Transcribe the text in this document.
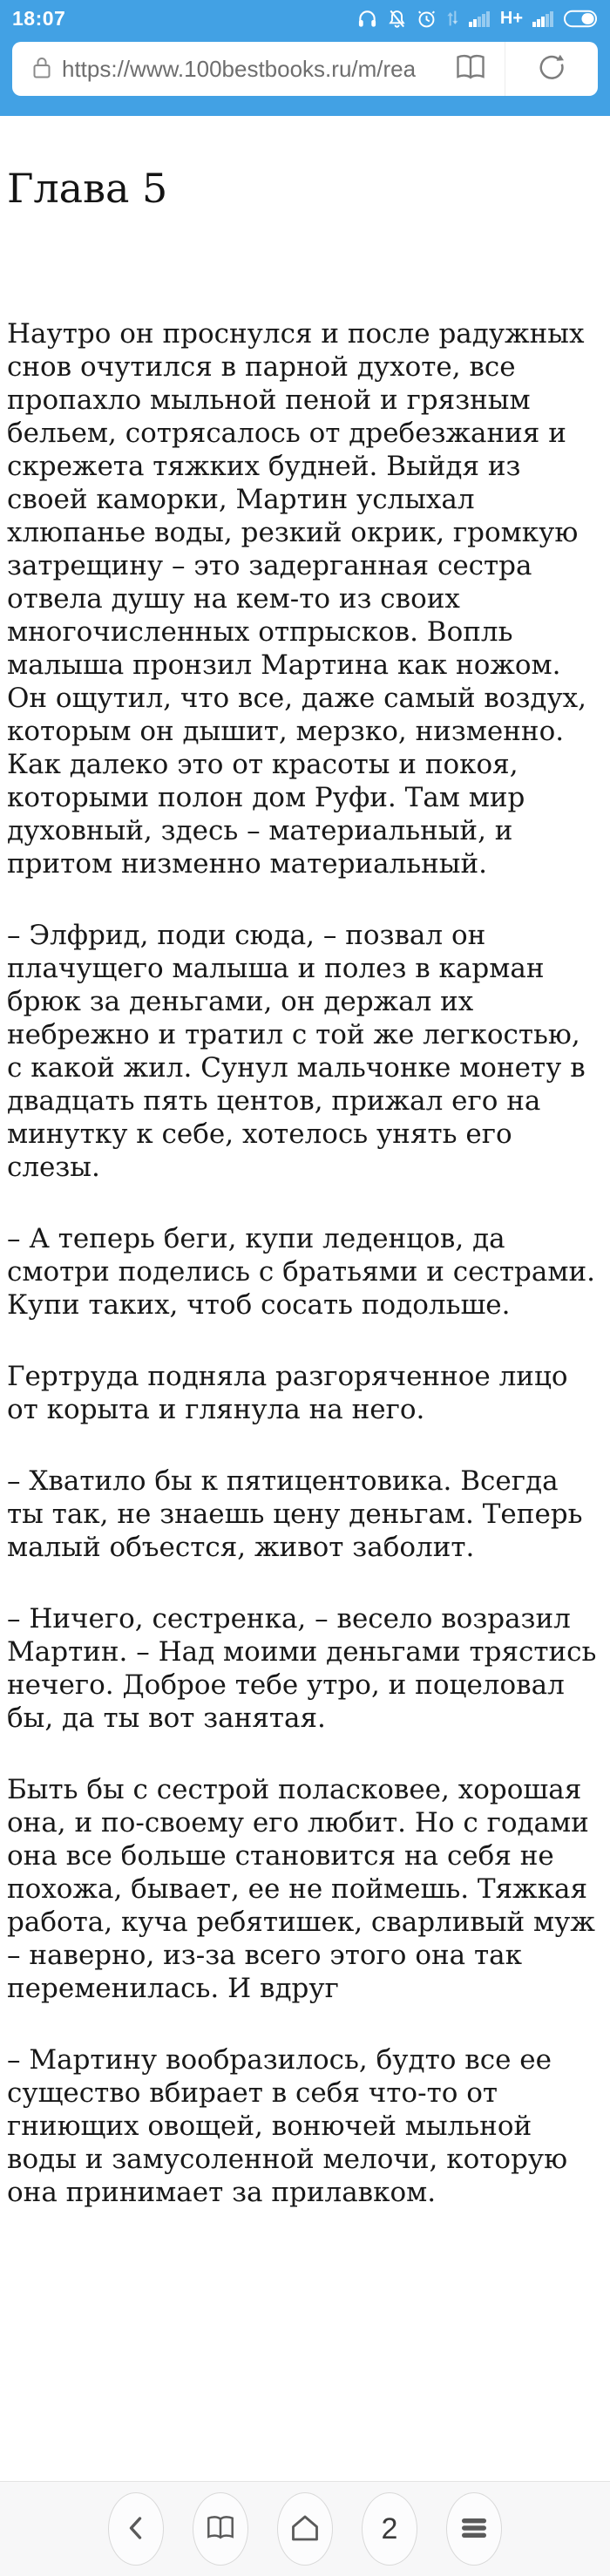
18:07	H+
https://www.100bestbooks.ru/m/rea
Глава 5

Наутро он проснулся и после радужных снов очутился в парной духоте, все пропахло мыльной пеной и грязным бельем, сотрясалось от дребезжания и скрежета тяжких будней. Выйдя из своей каморки, Мартин услыхал хлюпанье воды, резкий окрик, громкую затрещину – это задерганная сестра отвела душу на кем-то из своих многочисленных отпрысков. Вопль малыша пронзил Мартина как ножом. Он ощутил, что все, даже самый воздух, которым он дышит, мерзко, низменно. Как далеко это от красоты и покоя, которыми полон дом Руфи. Там мир духовный, здесь – материальный, и притом низменно материальный.

– Элфрид, поди сюда, – позвал он плачущего малыша и полез в карман брюк за деньгами, он держал их небрежно и тратил с той же легкостью, с какой жил. Сунул мальчонке монету в двадцать пять центов, прижал его на минутку к себе, хотелось унять его слезы.

– А теперь беги, купи леденцов, да смотри поделись с братьями и сестрами. Купи таких, чтоб сосать подольше.

Гертруда подняла разгоряченное лицо от корыта и глянула на него.

– Хватило бы к пятицентовика. Всегда ты так, не знаешь цену деньгам. Теперь малый объестся, живот заболит.

– Ничего, сестренка, – весело возразил Мартин. – Над моими деньгами трястись нечего. Доброе тебе утро, и поцеловал бы, да ты вот занятая.

Быть бы с сестрой поласковее, хорошая она, и по-своему его любит. Но с годами она все больше становится на себя не похожа, бывает, ее не поймешь. Тяжкая работа, куча ребятишек, сварливый муж – наверно, из-за всего этого она так переменилась. И вдруг

– Мартину вообразилось, будто все ее существо вбирает в себя что-то от гниющих овощей, вонючей мыльной воды и замусоленной мелочи, которую она принимает за прилавком.

2
